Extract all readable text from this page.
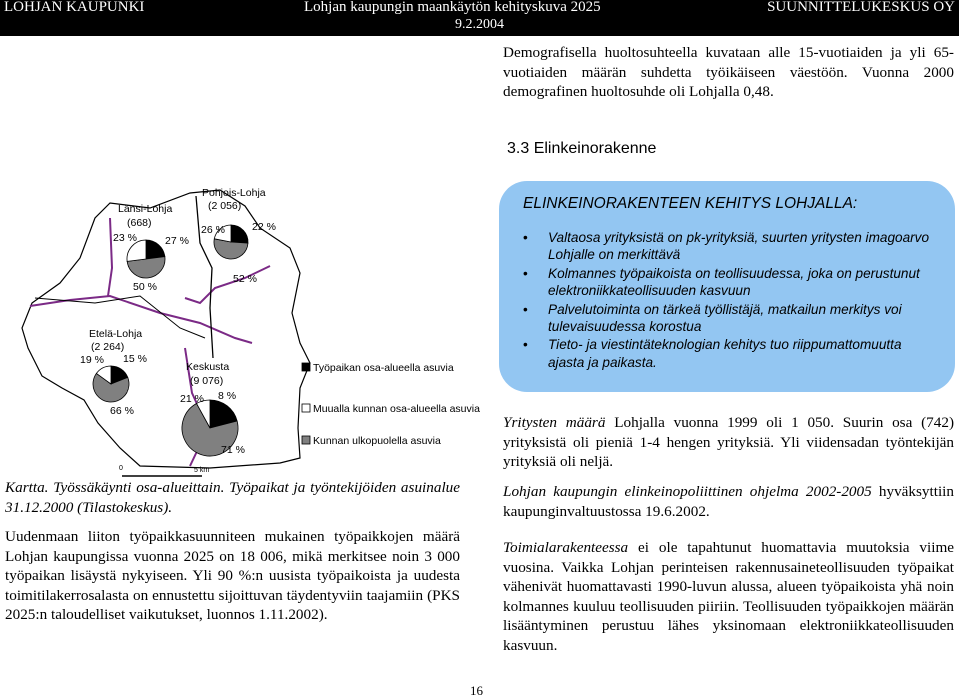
LOHJAN KAUPUNKI	Lohjan kaupungin maankäytön kehityskuva 2025
9.2.2004
SUUNNITTELUKESKUS OY
Demografisella huoltosuhteella kuvataan alle 15-vuotiaiden ja yli 65-vuotiaiden määrän suhdetta työikäiseen väestöön. Vuonna 2000 demografinen huoltosuhde oli Lohjalla 0,48.
3.3 Elinkeinorakenne
ELINKEINORAKENTEEN KEHITYS LOHJALLA:
• Valtaosa yrityksistä on pk-yrityksiä, suurten yritysten imagoarvo Lohjalle on merkittävä
• Kolmannes työpaikoista on teollisuudessa, joka on perustunut elektroniikkateollisuuden kasvuun
• Palvelutoiminta on tärkeä työllistäjä, matkailun merkitys voi tulevaisuudessa korostua
• Tieto- ja viestintäteknologian kehitys tuo riippumattomuutta ajasta ja paikasta.
Länsi-Lohja
(668)
23 %	27 %
50 %
Pohjois-Lohja
(2 056)
26 %	22 %
52 %
Etelä-Lohja
(2 264)
19 % 15 %
66 %
Keskusta
(9 076)
21 % 8 %
71 %
Työpaikan osa-alueella asuvia
Muualla kunnan osa-alueella asuvia
Kunnan ulkopuolella asuvia
0	5 km
Kartta. Työssäkäynti osa-alueittain. Työpaikat ja työntekijöiden asuinalue 31.12.2000 (Tilastokeskus).
Uudenmaan liiton työpaikkasuunniteen mukainen työpaikkojen määrä Lohjan kaupungissa vuonna 2025 on 18 006, mikä merkitsee noin 3 000 työpaikan lisäystä nykyiseen. Yli 90 %:n uusista työpaikoista ja uudesta toimitilakerrosalasta on ennustettu sijoittuvan täydentyviin taajamiin (PKS 2025:n taloudelliset vaikutukset, luonnos 1.11.2002).
Yritysten määrä Lohjalla vuonna 1999 oli 1 050. Suurin osa (742) yrityksistä oli pieniä 1-4 hengen yrityksiä. Yli viidensadan työntekijän yrityksiä oli neljä.
Lohjan kaupungin elinkeinopoliittinen ohjelma 2002-2005 hyväksyttiin kaupunginvaltuustossa 19.6.2002.
Toimialarakenteessa ei ole tapahtunut huomattavia muutoksia viime vuosina. Vaikka Lohjan perinteisen rakennusaineteollisuuden työpaikat vähenivät huomattavasti 1990-luvun alussa, alueen työpaikoista yhä noin kolmannes kuuluu teollisuuden piiriin. Teollisuuden työpaikkojen määrän lisääntyminen perustuu lähes yksinomaan elektroniikkateollisuuden kasvuun.
16
